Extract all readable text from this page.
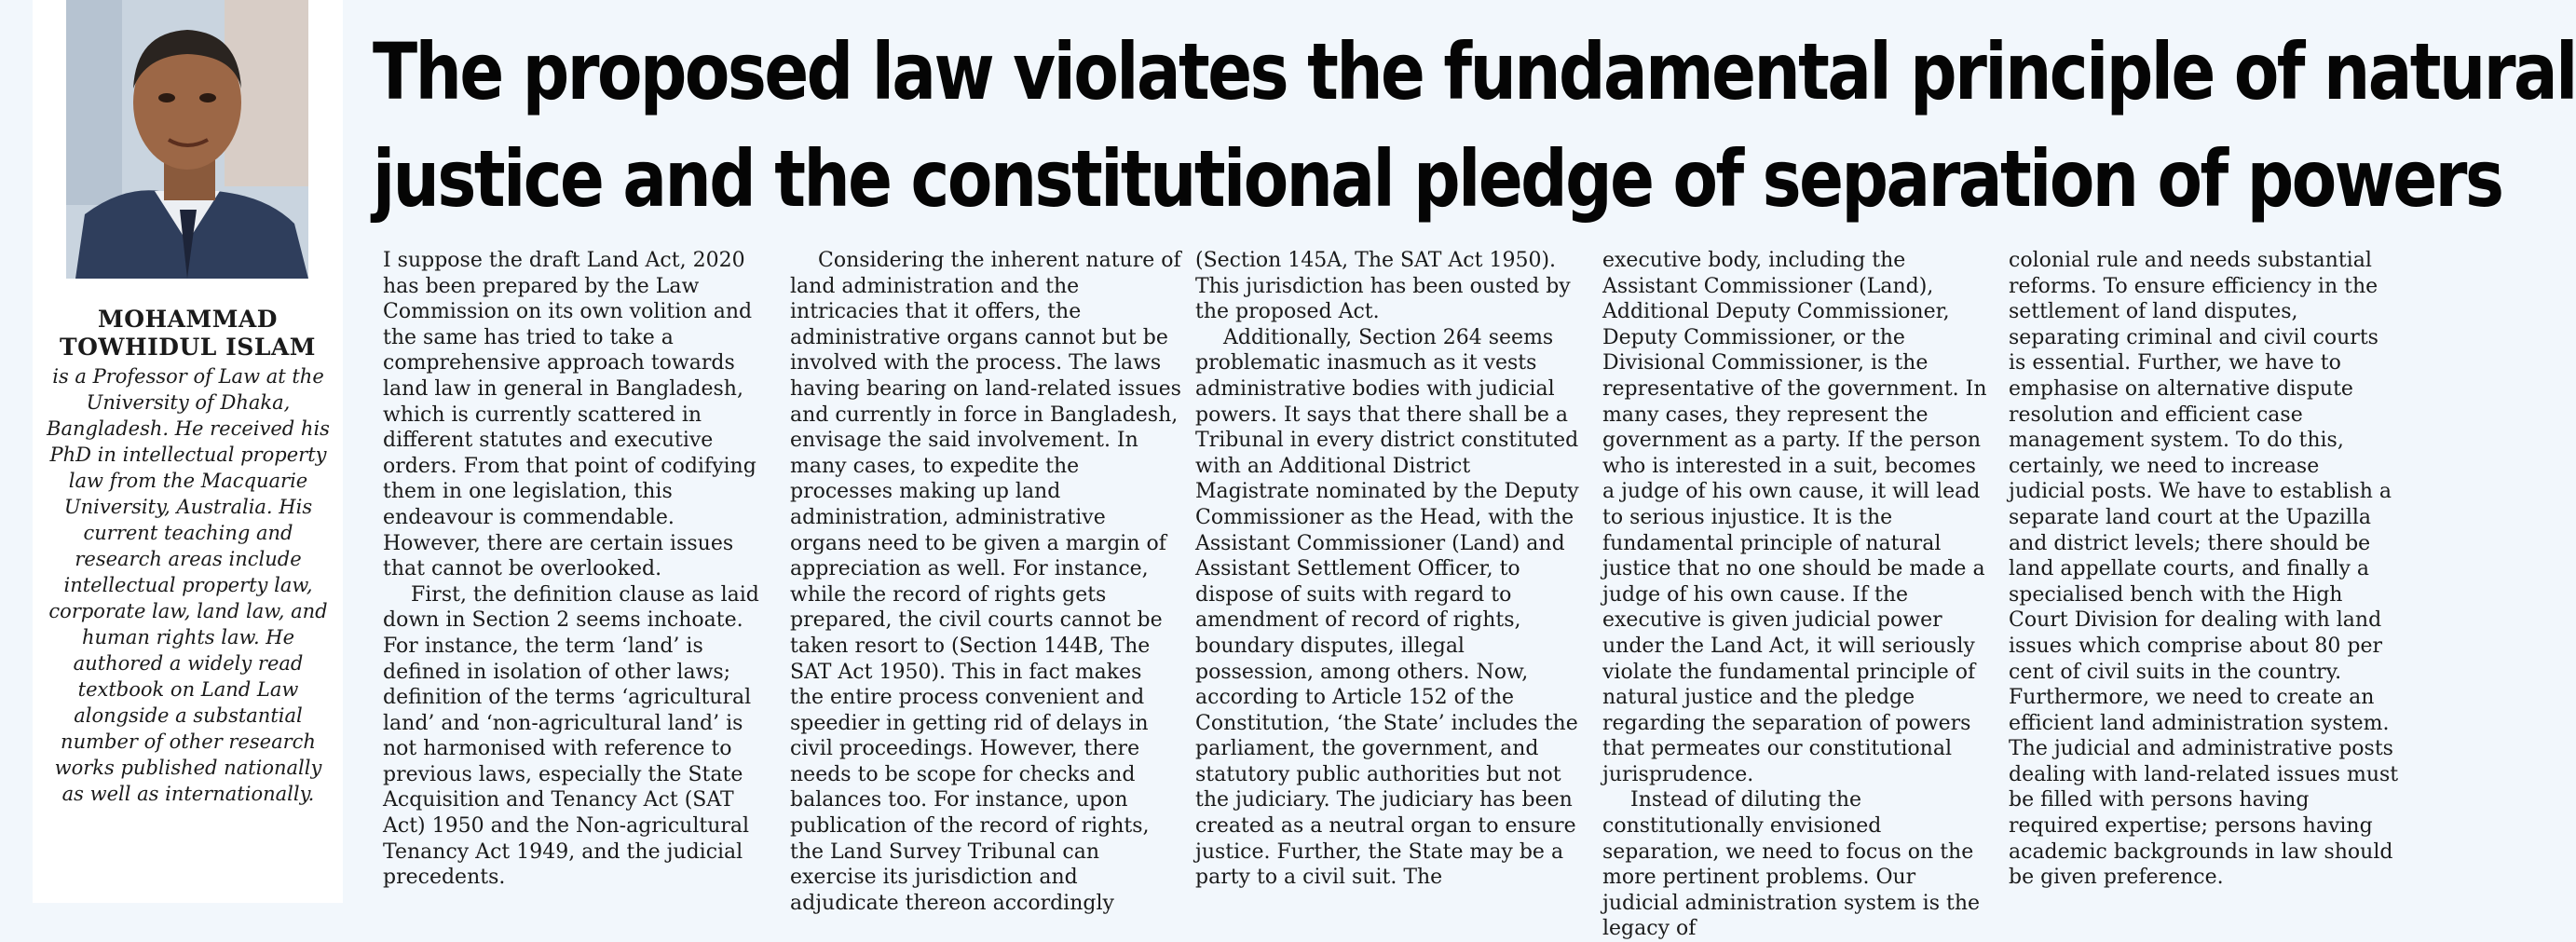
MOHAMMAD
TOWHIDUL ISLAM
is a Professor of Law at the University of Dhaka, Bangladesh. He received his PhD in intellectual property law from the Macquarie University, Australia. His current teaching and research areas include intellectual property law, corporate law, land law, and human rights law. He authored a widely read textbook on Land Law alongside a substantial number of other research works published nationally as well as internationally.
The proposed law violates the fundamental principle of natural
justice and the constitutional pledge of separation of powers

I suppose the draft Land Act, 2020 has been prepared by the Law Commission on its own volition and the same has tried to take a comprehensive approach towards land law in general in Bangladesh, which is currently scattered in different statutes and executive orders. From that point of codifying them in one legislation, this endeavour is commendable. However, there are certain issues that cannot be overlooked.

First, the definition clause as laid down in Section 2 seems inchoate. For instance, the term ‘land’ is defined in isolation of other laws; definition of the terms ‘agricultural land’ and ‘non-agricultural land’ is not harmonised with reference to previous laws, especially the State Acquisition and Tenancy Act (SAT Act) 1950 and the Non-agricultural Tenancy Act 1949, and the judicial precedents.

Considering the inherent nature of land administration and the intricacies that it offers, the administrative organs cannot but be involved with the process. The laws having bearing on land-related issues and currently in force in Bangladesh, envisage the said involvement. In many cases, to expedite the processes making up land administration, administrative organs need to be given a margin of appreciation as well. For instance, while the record of rights gets prepared, the civil courts cannot be taken resort to (Section 144B, The SAT Act 1950). This in fact makes the entire process convenient and speedier in getting rid of delays in civil proceedings. However, there needs to be scope for checks and balances too. For instance, upon publication of the record of rights, the Land Survey Tribunal can exercise its jurisdiction and adjudicate thereon accordingly

(Section 145A, The SAT Act 1950). This jurisdiction has been ousted by the proposed Act.

Additionally, Section 264 seems problematic inasmuch as it vests administrative bodies with judicial powers. It says that there shall be a Tribunal in every district constituted with an Additional District Magistrate nominated by the Deputy Commissioner as the Head, with the Assistant Commissioner (Land) and Assistant Settlement Officer, to dispose of suits with regard to amendment of record of rights, boundary disputes, illegal possession, among others. Now, according to Article 152 of the Constitution, ‘the State’ includes the parliament, the government, and statutory public authorities but not the judiciary. The judiciary has been created as a neutral organ to ensure justice. Further, the State may be a party to a civil suit. The

executive body, including the Assistant Commissioner (Land), Additional Deputy Commissioner, Deputy Commissioner, or the Divisional Commissioner, is the representative of the government. In many cases, they represent the government as a party. If the person who is interested in a suit, becomes a judge of his own cause, it will lead to serious injustice. It is the fundamental principle of natural justice that no one should be made a judge of his own cause. If the executive is given judicial power under the Land Act, it will seriously violate the fundamental principle of natural justice and the pledge regarding the separation of powers that permeates our constitutional jurisprudence.

Instead of diluting the constitutionally envisioned separation, we need to focus on the more pertinent problems. Our judicial administration system is the legacy of

colonial rule and needs substantial reforms. To ensure efficiency in the settlement of land disputes, separating criminal and civil courts is essential. Further, we have to emphasise on alternative dispute resolution and efficient case management system. To do this, certainly, we need to increase judicial posts. We have to establish a separate land court at the Upazilla and district levels; there should be land appellate courts, and finally a specialised bench with the High Court Division for dealing with land issues which comprise about 80 per cent of civil suits in the country. Furthermore, we need to create an efficient land administration system. The judicial and administrative posts dealing with land-related issues must be filled with persons having required expertise; persons having academic backgrounds in law should be given preference.
